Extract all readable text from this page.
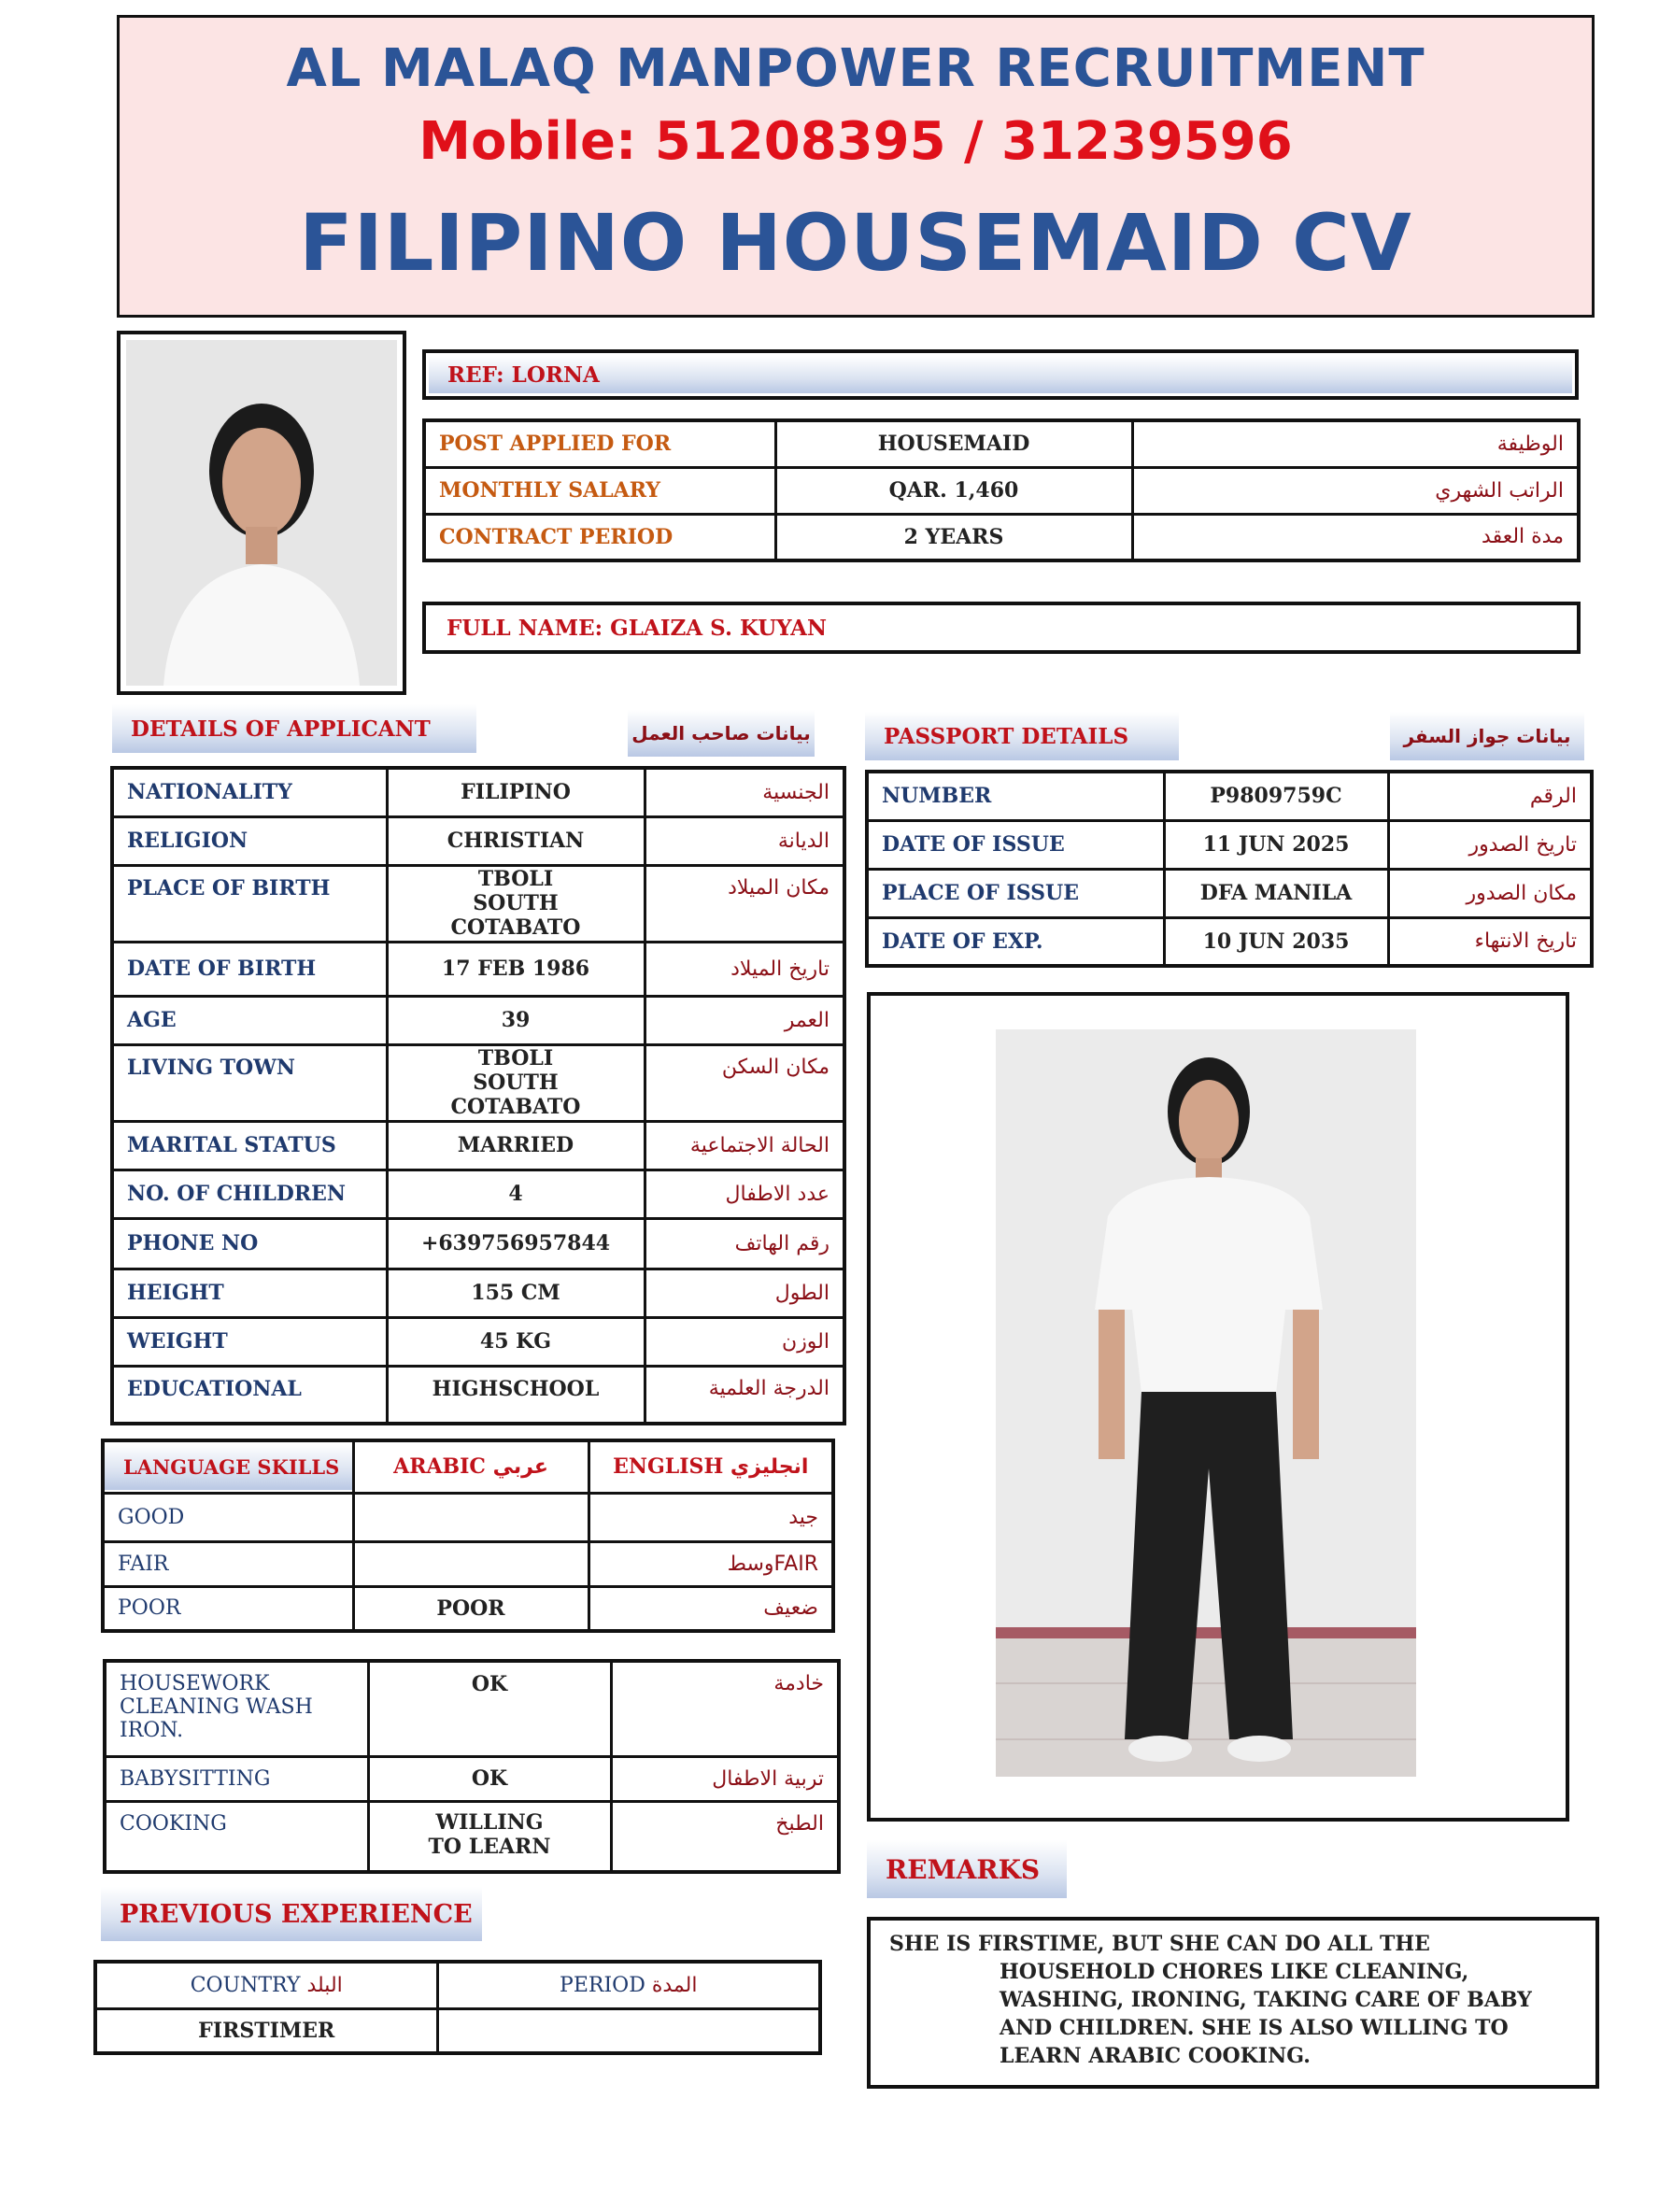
AL MALAQ MANPOWER RECRUITMENT
Mobile: 51208395 / 31239596
FILIPINO HOUSEMAID CV
REF: LORNA
POST APPLIED FOR	HOUSEMAID	الوظيفة
MONTHLY SALARY	QAR. 1,460	الراتب الشهري
CONTRACT PERIOD	2 YEARS	مدة العقد
FULL NAME: GLAIZA S. KUYAN
DETAILS OF APPLICANT	بيانات صاحب العمل
NATIONALITY	FILIPINO	الجنسية
RELIGION	CHRISTIAN	الديانة
PLACE OF BIRTH	TBOLI SOUTH COTABATO	مكان الميلاد
DATE OF BIRTH	17 FEB 1986	تاريخ الميلاد
AGE	39	العمر
LIVING TOWN	TBOLI SOUTH COTABATO	مكان السكن
MARITAL STATUS	MARRIED	الحالة الاجتماعية
NO. OF CHILDREN	4	عدد الاطفال
PHONE NO	+639756957844	رقم الهاتف
HEIGHT	155 CM	الطول
WEIGHT	45 KG	الوزن
EDUCATIONAL	HIGHSCHOOL	الدرجة العلمية
PASSPORT DETAILS	بيانات جواز السفر
NUMBER	P9809759C	الرقم
DATE OF ISSUE	11 JUN 2025	تاريخ الصدور
PLACE OF ISSUE	DFA MANILA	مكان الصدور
DATE OF EXP.	10 JUN 2035	تاريخ الانتهاء
LANGUAGE SKILLS	ARABIC عربي	ENGLISH انجليزي
GOOD		جيد
FAIR		FAIRوسط
POOR	POOR	ضعيف
HOUSEWORK CLEANING WASH IRON.	OK	خادمة
BABYSITTING	OK	تربية الاطفال
COOKING	WILLING TO LEARN	الطبخ
PREVIOUS EXPERIENCE
COUNTRY البلد	PERIOD المدة
FIRSTIMER	
REMARKS
SHE IS FIRSTIME, BUT SHE CAN DO ALL THE
HOUSEHOLD CHORES LIKE CLEANING,
WASHING, IRONING, TAKING CARE OF BABY
AND CHILDREN. SHE IS ALSO WILLING TO
LEARN ARABIC COOKING.
